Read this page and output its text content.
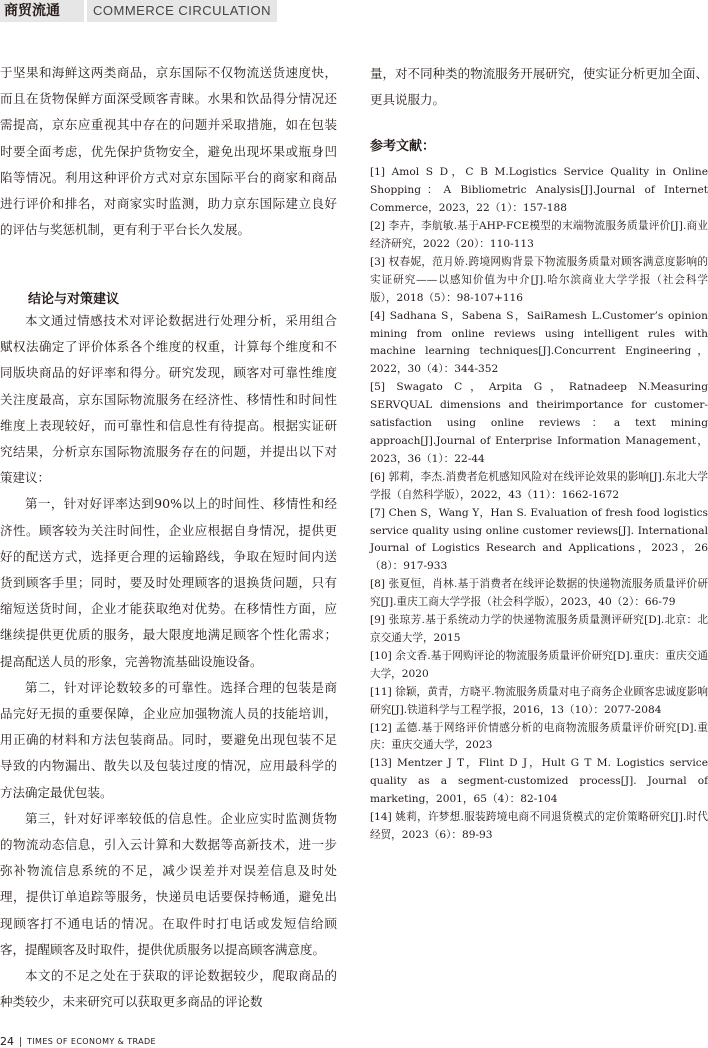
商贸流通	COMMERCE CIRCULATION

于坚果和海鲜这两类商品，京东国际不仅物流送货速度快，而且在货物保鲜方面深受顾客青睐。水果和饮品得分情况还需提高，京东应重视其中存在的问题并采取措施，如在包装时要全面考虑，优先保护货物安全，避免出现坏果或瓶身凹陷等情况。利用这种评价方式对京东国际平台的商家和商品进行评价和排名，对商家实时监测，助力京东国际建立良好的评估与奖惩机制，更有利于平台长久发展。

结论与对策建议

本文通过情感技术对评论数据进行处理分析，采用组合赋权法确定了评价体系各个维度的权重，计算每个维度和不同版块商品的好评率和得分。研究发现，顾客对可靠性维度关注度最高，京东国际物流服务在经济性、移情性和时间性维度上表现较好，而可靠性和信息性有待提高。根据实证研究结果，分析京东国际物流服务存在的问题，并提出以下对策建议：

第一，针对好评率达到90%以上的时间性、移情性和经济性。顾客较为关注时间性，企业应根据自身情况，提供更好的配送方式，选择更合理的运输路线，争取在短时间内送货到顾客手里；同时，要及时处理顾客的退换货问题，只有缩短送货时间，企业才能获取绝对优势。在移情性方面，应继续提供更优质的服务，最大限度地满足顾客个性化需求；提高配送人员的形象，完善物流基础设施设备。

第二，针对评论数较多的可靠性。选择合理的包装是商品完好无损的重要保障，企业应加强物流人员的技能培训，用正确的材料和方法包装商品。同时，要避免出现包装不足导致的内物漏出、散失以及包装过度的情况，应用最科学的方法确定最优包装。

第三，针对好评率较低的信息性。企业应实时监测货物的物流动态信息，引入云计算和大数据等高新技术，进一步弥补物流信息系统的不足，减少误差并对误差信息及时处理，提供订单追踪等服务，快递员电话要保持畅通，避免出现顾客打不通电话的情况。在取件时打电话或发短信给顾客，提醒顾客及时取件，提供优质服务以提高顾客满意度。

本文的不足之处在于获取的评论数据较少，爬取商品的种类较少，未来研究可以获取更多商品的评论数

量，对不同种类的物流服务开展研究，使实证分析更加全面、更具说服力。

参考文献：

[1] Amol S D，C B M.Logistics Service Quality in Online Shopping：A Bibliometric Analysis[J].Journal of Internet Commerce，2023，22（1）：157-188

[2] 李卉，李航敏.基于AHP-FCE模型的末端物流服务质量评价[J].商业经济研究，2022（20）：110-113

[3] 权春妮，范月娇.跨境网购背景下物流服务质量对顾客满意度影响的实证研究——以感知价值为中介[J].哈尔滨商业大学学报（社会科学版），2018（5）：98-107+116

[4] Sadhana S，Sabena S，SaiRamesh L.Customer’s opinion mining from online reviews using intelligent rules with machine learning techniques[J].Concurrent Engineering，2022，30（4）：344-352

[5] Swagato C，Arpita G，Ratnadeep N.Measuring SERVQUAL dimensions and theirimportance for customer-satisfaction using online reviews：a text mining approach[J].Journal of Enterprise Information Management，2023，36（1）：22-44

[6] 郭莉，李杰.消费者危机感知风险对在线评论效果的影响[J].东北大学学报（自然科学版），2022，43（11）：1662-1672

[7] Chen S，Wang Y，Han S. Evaluation of fresh food logistics service quality using online customer reviews[J]. International Journal of Logistics Research and Applications，2023，26（8）：917-933

[8] 张夏恒，肖林.基于消费者在线评论数据的快递物流服务质量评价研究[J].重庆工商大学学报（社会科学版），2023，40（2）：66-79

[9] 张琼芳.基于系统动力学的快递物流服务质量测评研究[D].北京：北京交通大学，2015

[10] 余文香.基于网购评论的物流服务质量评价研究[D].重庆：重庆交通大学，2020

[11] 徐颖，黄青，方晓平.物流服务质量对电子商务企业顾客忠诚度影响研究[J].铁道科学与工程学报，2016，13（10）：2077-2084

[12] 孟德.基于网络评价情感分析的电商物流服务质量评价研究[D].重庆：重庆交通大学，2023

[13] Mentzer J T，Flint D J，Hult G T M. Logistics service quality as a segment-customized process[J]. Journal of marketing，2001，65（4）：82-104

[14] 姚莉，许梦想.服装跨境电商不同退货模式的定价策略研究[J].时代经贸，2023（6）：89-93

24 TIMES OF ECONOMY & TRADE
